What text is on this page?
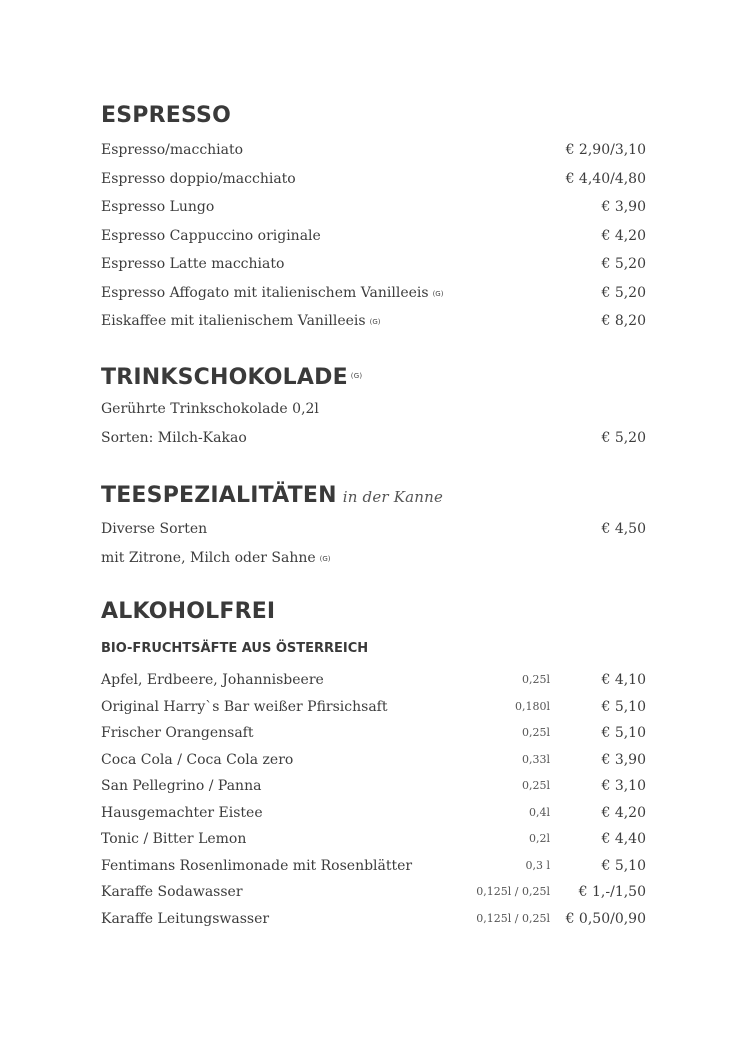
ESPRESSO
Espresso/macchiato	€ 2,90/3,10
Espresso doppio/macchiato	€ 4,40/4,80
Espresso Lungo	€ 3,90
Espresso Cappuccino originale	€ 4,20
Espresso Latte macchiato	€ 5,20
Espresso Affogato mit italienischem Vanilleeis (G)	€ 5,20
Eiskaffee mit italienischem Vanilleeis (G)	€ 8,20
TRINKSCHOKOLADE $^{(G)}$
Gerührte Trinkschokolade 0,2l
Sorten: Milch-Kakao	€ 5,20
TEESPEZIALITÄTEN in der Kanne
Diverse Sorten	€ 4,50
mit Zitrone, Milch oder Sahne (G)
ALKOHOLFREI
BIO-FRUCHTSÄFTE AUS ÖSTERREICH
Apfel, Erdbeere, Johannisbeere	0,25l	€ 4,10
Original Harry`s Bar weißer Pfirsichsaft	0,180l	€ 5,10
Frischer Orangensaft	0,25l	€ 5,10
Coca Cola / Coca Cola zero	0,33l	€ 3,90
San Pellegrino / Panna	0,25l	€ 3,10
Hausgemachter Eistee	0,4l	€ 4,20
Tonic / Bitter Lemon	0,2l	€ 4,40
Fentimans Rosenlimonade mit Rosenblätter	0,3 l	€ 5,10
Karaffe Sodawasser	0,125l / 0,25l € 1,-/1,50
Karaffe Leitungswasser	0,125l / 0,25l € 0,50/0,90
